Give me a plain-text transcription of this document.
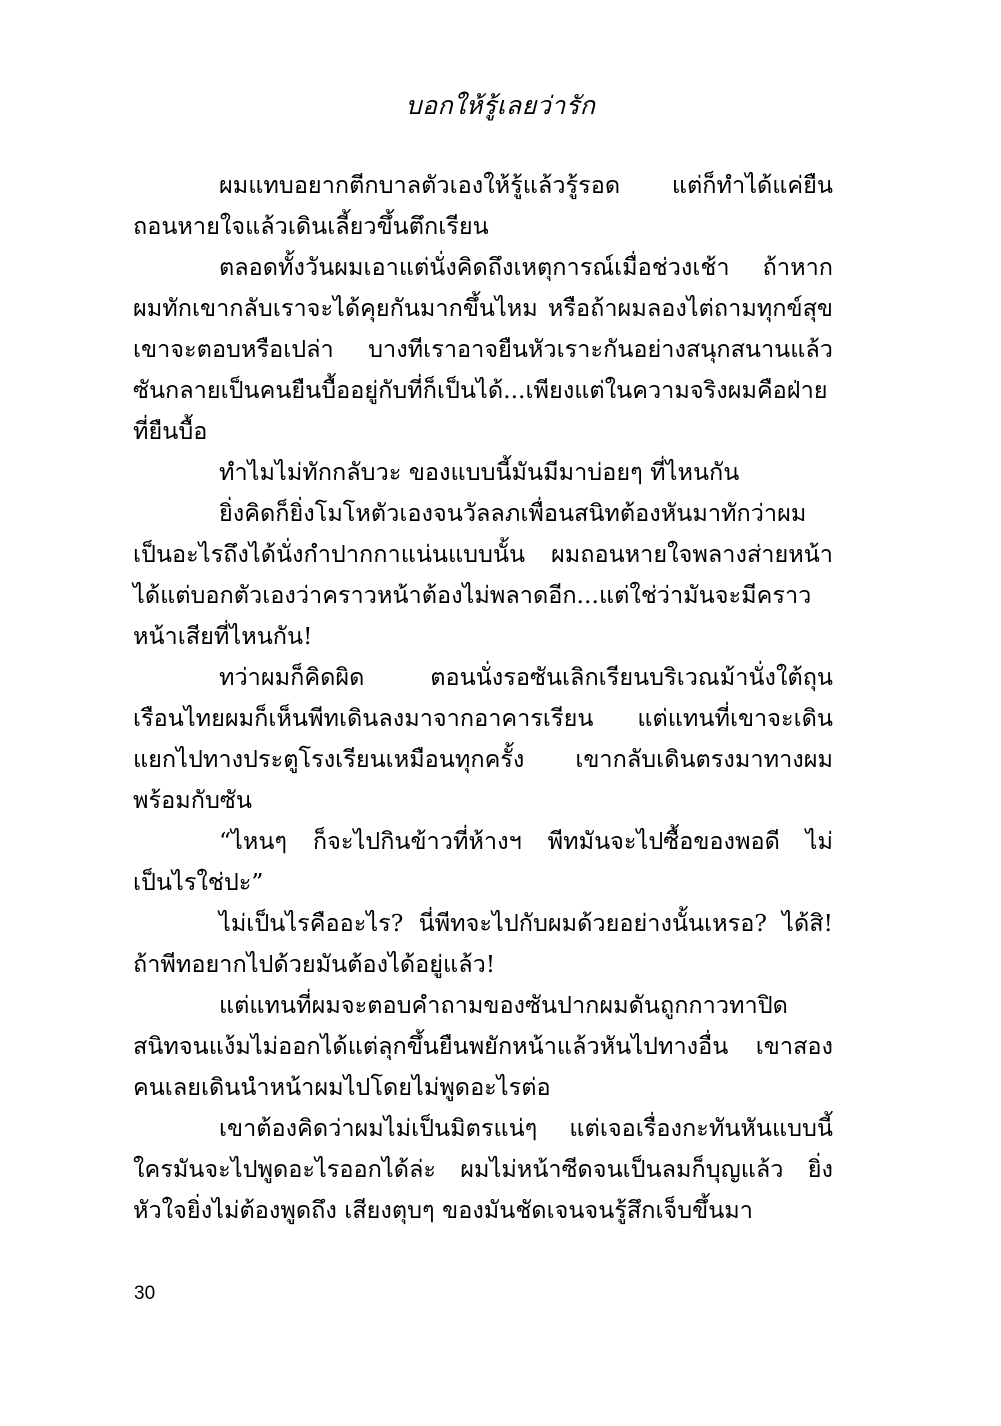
บอกให้รู้เลยว่ารัก

ผมแทบอยากตีกบาลตัวเองให้รู้แล้วรู้รอด แต่ก็ทำได้แค่ยืนถอนหายใจแล้วเดินเลี้ยวขึ้นตึกเรียน

ตลอดทั้งวันผมเอาแต่นั่งคิดถึงเหตุการณ์เมื่อช่วงเช้า ถ้าหากผมทักเขากลับเราจะได้คุยกันมากขึ้นไหม หรือถ้าผมลองไต่ถามทุกข์สุขเขาจะตอบหรือเปล่า บางทีเราอาจยืนหัวเราะกันอย่างสนุกสนานแล้วซันกลายเป็นคนยืนบื้ออยู่กับที่ก็เป็นได้...เพียงแต่ในความจริงผมคือฝ่ายที่ยืนบื้อ

ทำไมไม่ทักกลับวะ ของแบบนี้มันมีมาบ่อยๆ ที่ไหนกัน

ยิ่งคิดก็ยิ่งโมโหตัวเองจนวัลลภเพื่อนสนิทต้องหันมาทักว่าผมเป็นอะไรถึงได้นั่งกำปากกาแน่นแบบนั้น ผมถอนหายใจพลางส่ายหน้า ได้แต่บอกตัวเองว่าคราวหน้าต้องไม่พลาดอีก...แต่ใช่ว่ามันจะมีคราวหน้าเสียที่ไหนกัน!

ทว่าผมก็คิดผิด ตอนนั่งรอซันเลิกเรียนบริเวณม้านั่งใต้ถุนเรือนไทยผมก็เห็นพีทเดินลงมาจากอาคารเรียน แต่แทนที่เขาจะเดินแยกไปทางประตูโรงเรียนเหมือนทุกครั้ง เขากลับเดินตรงมาทางผมพร้อมกับซัน

“ไหนๆ ก็จะไปกินข้าวที่ห้างฯ พีทมันจะไปซื้อของพอดี ไม่เป็นไรใช่ปะ”

ไม่เป็นไรคืออะไร? นี่พีทจะไปกับผมด้วยอย่างนั้นเหรอ? ได้สิ! ถ้าพีทอยากไปด้วยมันต้องได้อยู่แล้ว!

แต่แทนที่ผมจะตอบคำถามของซันปากผมดันถูกกาวทาปิดสนิทจนแง้มไม่ออกได้แต่ลุกขึ้นยืนพยักหน้าแล้วหันไปทางอื่น เขาสองคนเลยเดินนำหน้าผมไปโดยไม่พูดอะไรต่อ

เขาต้องคิดว่าผมไม่เป็นมิตรแน่ๆ แต่เจอเรื่องกะทันหันแบบนี้ใครมันจะไปพูดอะไรออกได้ล่ะ ผมไม่หน้าซีดจนเป็นลมก็บุญแล้ว ยิ่งหัวใจยิ่งไม่ต้องพูดถึง เสียงตุบๆ ของมันชัดเจนจนรู้สึกเจ็บขึ้นมา

30
